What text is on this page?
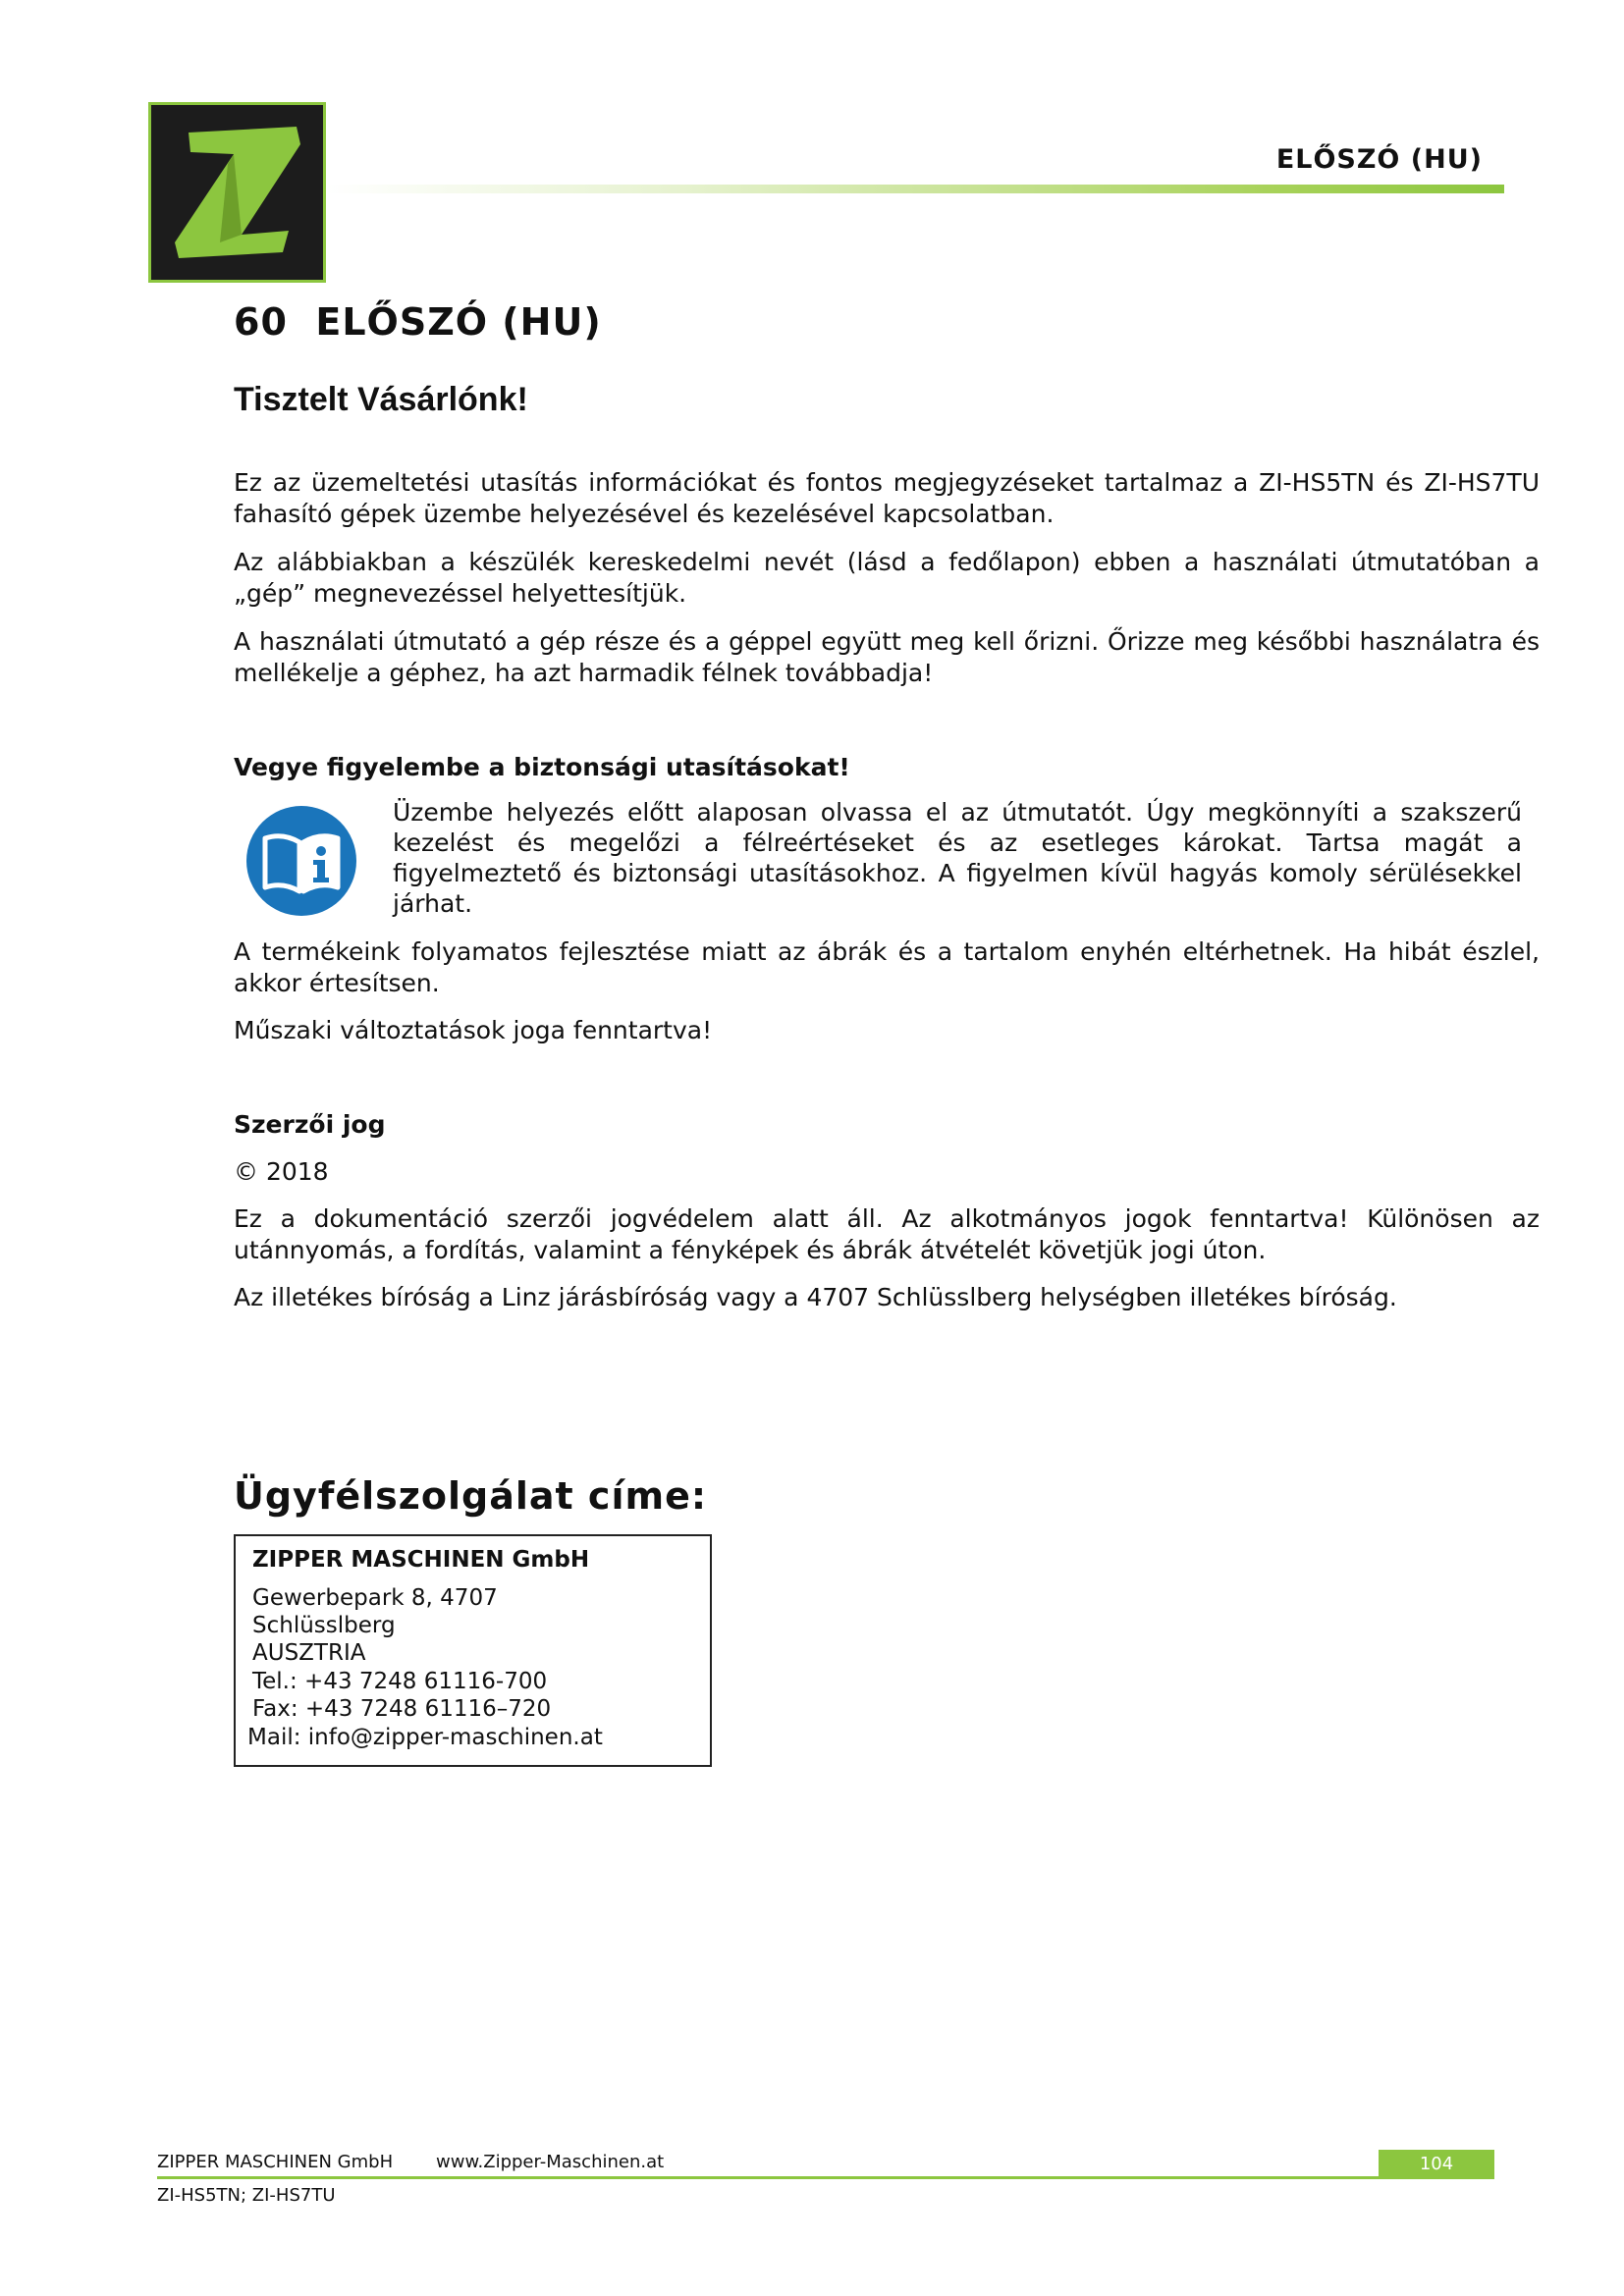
ELŐSZÓ (HU)
60 ELŐSZÓ (HU)
Tisztelt Vásárlónk!
Ez az üzemeltetési utasítás információkat és fontos megjegyzéseket tartalmaz a ZI-HS5TN és ZI-HS7TU fahasító gépek üzembe helyezésével és kezelésével kapcsolatban.
Az alábbiakban a készülék kereskedelmi nevét (lásd a fedőlapon) ebben a használati útmutatóban a „gép” megnevezéssel helyettesítjük.
A használati útmutató a gép része és a géppel együtt meg kell őrizni. Őrizze meg későbbi használatra és mellékelje a géphez, ha azt harmadik félnek továbbadja!
Vegye figyelembe a biztonsági utasításokat!
Üzembe helyezés előtt alaposan olvassa el az útmutatót. Úgy megkönnyíti a szakszerű kezelést és megelőzi a félreértéseket és az esetleges károkat. Tartsa magát a figyelmeztető és biztonsági utasításokhoz. A figyelmen kívül hagyás komoly sérülésekkel járhat.
A termékeink folyamatos fejlesztése miatt az ábrák és a tartalom enyhén eltérhetnek. Ha hibát észlel, akkor értesítsen.
Műszaki változtatások joga fenntartva!
Szerzői jog
© 2018
Ez a dokumentáció szerzői jogvédelem alatt áll. Az alkotmányos jogok fenntartva! Különösen az utánnyomás, a fordítás, valamint a fényképek és ábrák átvételét követjük jogi úton.
Az illetékes bíróság a Linz járásbíróság vagy a 4707 Schlüsslberg helységben illetékes bíróság.
Ügyfélszolgálat címe:
ZIPPER MASCHINEN GmbH
Gewerbepark 8, 4707
Schlüsslberg
AUSZTRIA
Tel.: +43 7248 61116-700
Fax: +43 7248 61116–720
Mail: info@zipper-maschinen.at
ZIPPER MASCHINEN GmbH www.Zipper-Maschinen.at	104
ZI-HS5TN; ZI-HS7TU
